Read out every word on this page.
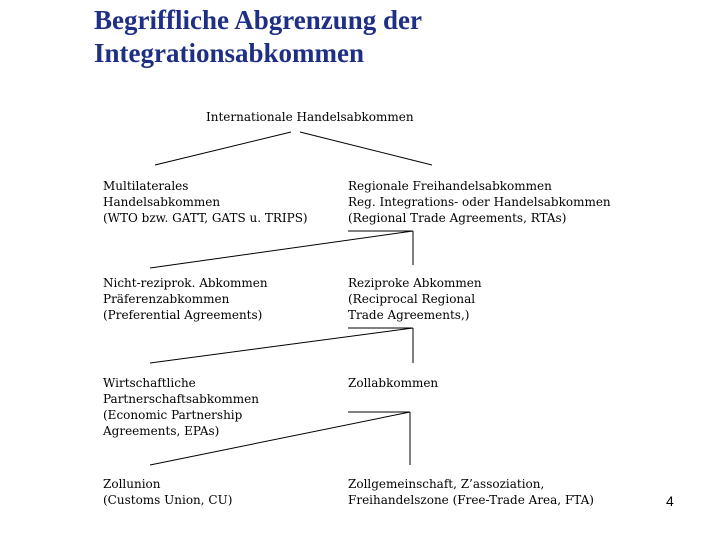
Begriffliche Abgrenzung der
Integrationsabkommen
Internationale Handelsabkommen
Multilaterales
Handelsabkommen
(WTO bzw. GATT, GATS u. TRIPS)
Regionale Freihandelsabkommen
Reg. Integrations- oder Handelsabkommen
(Regional Trade Agreements, RTAs)
Nicht-reziprok. Abkommen
Präferenzabkommen
(Preferential Agreements)
Reziproke Abkommen
(Reciprocal Regional
Trade Agreements,)
Wirtschaftliche
Partnerschaftsabkommen
(Economic Partnership
Agreements, EPAs)
Zollabkommen
Zollunion
(Customs Union, CU)
Zollgemeinschaft, Z’assoziation,
Freihandelszone (Free-Trade Area, FTA)	4
